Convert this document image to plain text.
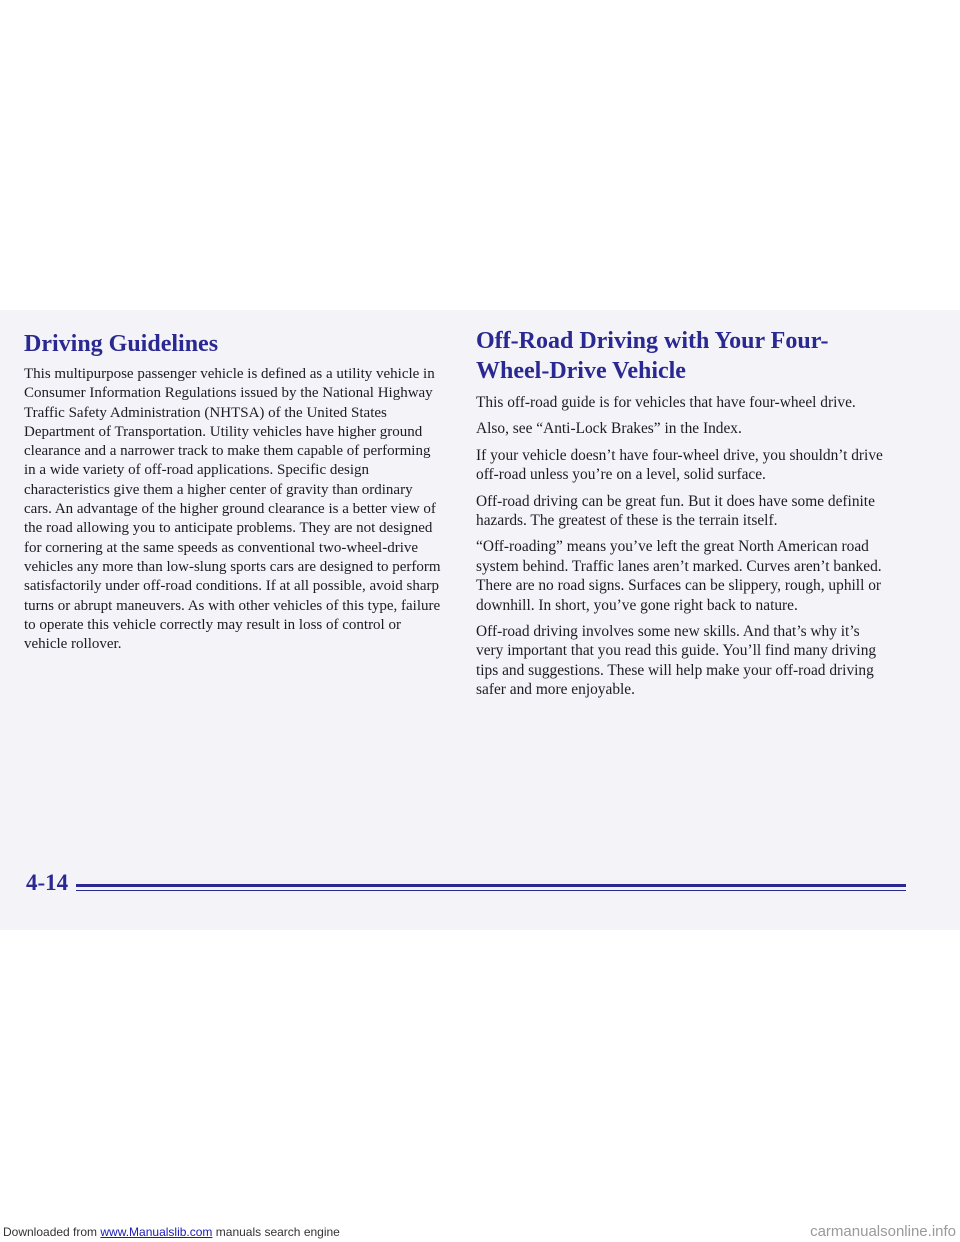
Driving Guidelines

This multipurpose passenger vehicle is defined as a utility vehicle in Consumer Information Regulations issued by the National Highway Traffic Safety Administration (NHTSA) of the United States Department of Transportation. Utility vehicles have higher ground clearance and a narrower track to make them capable of performing in a wide variety of off-road applications. Specific design characteristics give them a higher center of gravity than ordinary cars. An advantage of the higher ground clearance is a better view of the road allowing you to anticipate problems. They are not designed for cornering at the same speeds as conventional two-wheel-drive vehicles any more than low-slung sports cars are designed to perform satisfactorily under off-road conditions. If at all possible, avoid sharp turns or abrupt maneuvers. As with other vehicles of this type, failure to operate this vehicle correctly may result in loss of control or vehicle rollover.

Off-Road Driving with Your Four-Wheel-Drive Vehicle

This off-road guide is for vehicles that have four-wheel drive.

Also, see “Anti-Lock Brakes” in the Index.

If your vehicle doesn’t have four-wheel drive, you shouldn’t drive off-road unless you’re on a level, solid surface.

Off-road driving can be great fun. But it does have some definite hazards. The greatest of these is the terrain itself.

“Off-roading” means you’ve left the great North American road system behind. Traffic lanes aren’t marked. Curves aren’t banked. There are no road signs. Surfaces can be slippery, rough, uphill or downhill. In short, you’ve gone right back to nature.

Off-road driving involves some new skills. And that’s why it’s very important that you read this guide. You’ll find many driving tips and suggestions. These will help make your off-road driving safer and more enjoyable.

4-14
Downloaded from www.Manualslib.com manuals search engine	carmanualsonline.info
